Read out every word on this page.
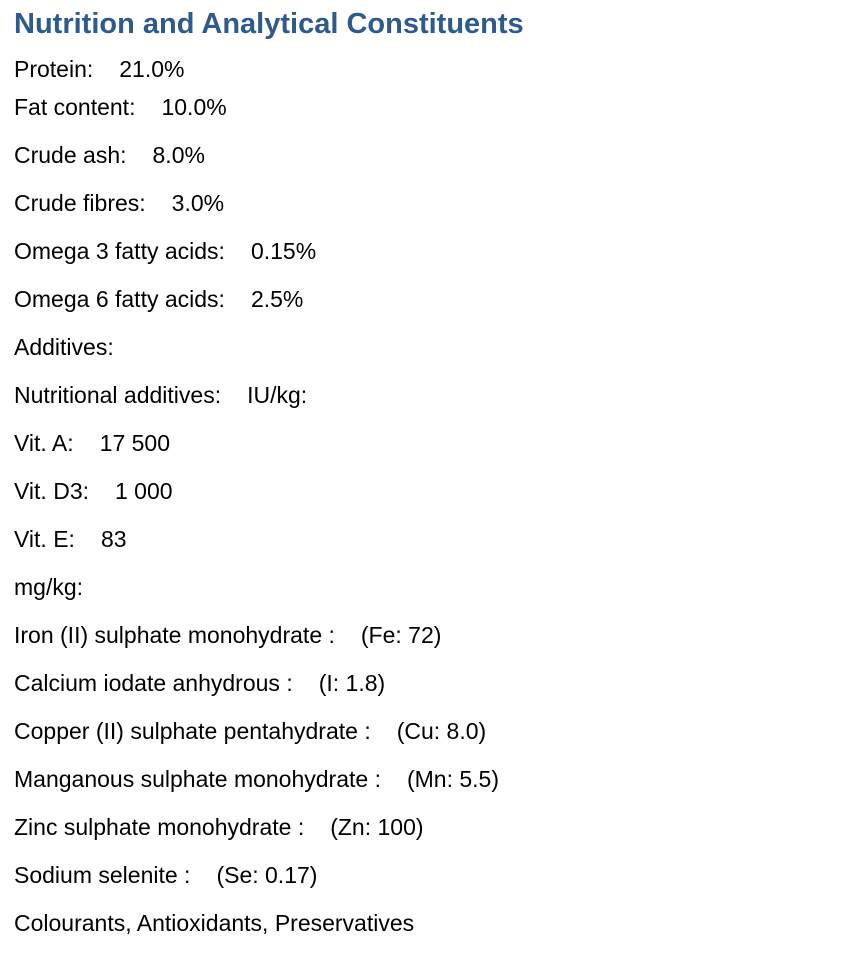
Nutrition and Analytical Constituents
Protein: 21.0%
Fat content: 10.0%
Crude ash: 8.0%
Crude fibres: 3.0%
Omega 3 fatty acids: 0.15%
Omega 6 fatty acids: 2.5%
Additives:
Nutritional additives: IU/kg:
Vit. A: 17 500
Vit. D3: 1 000
Vit. E: 83
mg/kg:
Iron (II) sulphate monohydrate : (Fe: 72)
Calcium iodate anhydrous : (I: 1.8)
Copper (II) sulphate pentahydrate : (Cu: 8.0)
Manganous sulphate monohydrate : (Mn: 5.5)
Zinc sulphate monohydrate : (Zn: 100)
Sodium selenite : (Se: 0.17)
Colourants, Antioxidants, Preservatives
